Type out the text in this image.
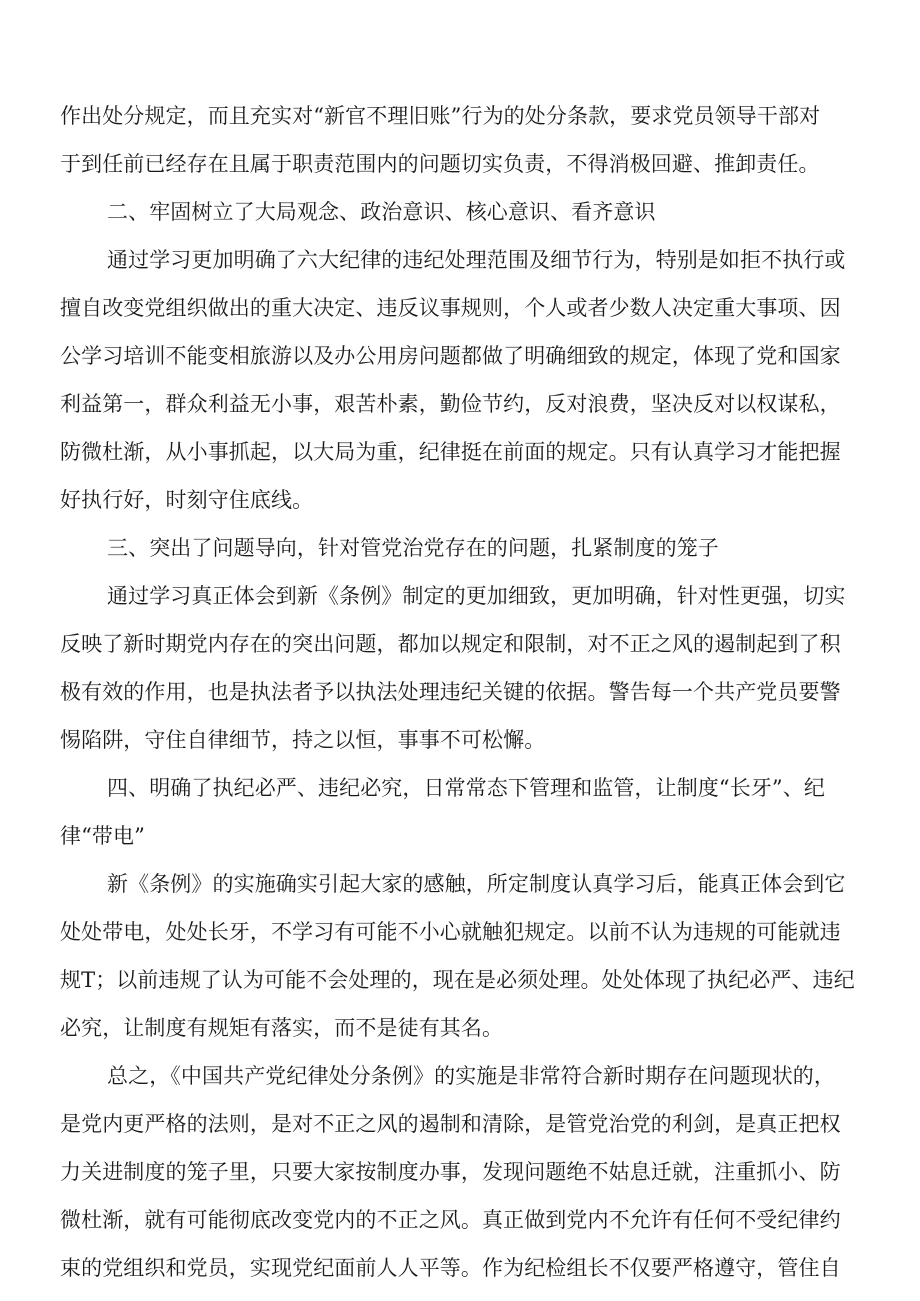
作出处分规定，而且充实对“新官不理旧账”行为的处分条款，要求党员领导干部对
于到任前已经存在且属于职责范围内的问题切实负责，不得消极回避、推卸责任。
二、牢固树立了大局观念、政治意识、核心意识、看齐意识
通过学习更加明确了六大纪律的违纪处理范围及细节行为，特别是如拒不执行或
擅自改变党组织做出的重大决定、违反议事规则，个人或者少数人决定重大事项、因
公学习培训不能变相旅游以及办公用房问题都做了明确细致的规定，体现了党和国家
利益第一，群众利益无小事，艰苦朴素，勤俭节约，反对浪费，坚决反对以权谋私，
防微杜渐，从小事抓起，以大局为重，纪律挺在前面的规定。只有认真学习才能把握
好执行好，时刻守住底线。
三、突出了问题导向，针对管党治党存在的问题，扎紧制度的笼子
通过学习真正体会到新《条例》制定的更加细致，更加明确，针对性更强，切实
反映了新时期党内存在的突出问题，都加以规定和限制，对不正之风的遏制起到了积
极有效的作用，也是执法者予以执法处理违纪关键的依据。警告每一个共产党员要警
惕陷阱，守住自律细节，持之以恒，事事不可松懈。
四、明确了执纪必严、违纪必究，日常常态下管理和监管，让制度“长牙”、纪
律“带电”
新《条例》的实施确实引起大家的感触，所定制度认真学习后，能真正体会到它
处处带电，处处长牙，不学习有可能不小心就触犯规定。以前不认为违规的可能就违
规T；以前违规了认为可能不会处理的，现在是必须处理。处处体现了执纪必严、违纪
必究，让制度有规矩有落实，而不是徒有其名。
总之，《中国共产党纪律处分条例》的实施是非常符合新时期存在问题现状的，
是党内更严格的法则，是对不正之风的遏制和清除，是管党治党的利剑，是真正把权
力关进制度的笼子里，只要大家按制度办事，发现问题绝不姑息迁就，注重抓小、防
微杜渐，就有可能彻底改变党内的不正之风。真正做到党内不允许有任何不受纪律约
束的党组织和党员，实现党纪面前人人平等。作为纪检组长不仅要严格遵守，管住自
